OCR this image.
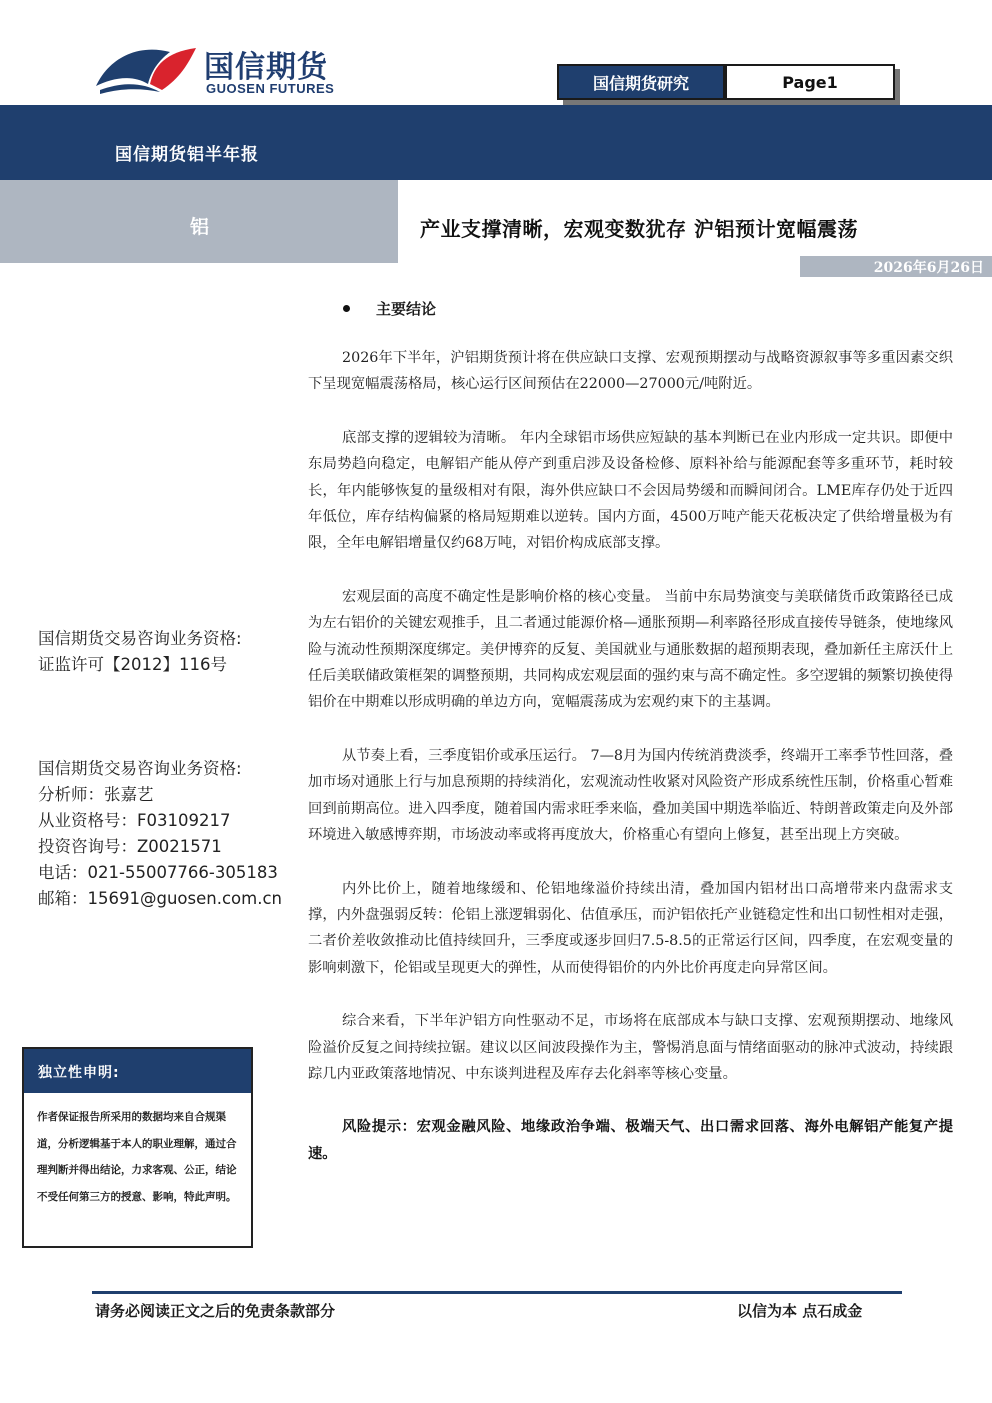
国信期货
GUOSEN FUTURES	国信期货研究	Page1
国信期货铝半年报
铝	产业支撑清晰，宏观变数犹存 沪铝预计宽幅震荡
2026年6月26日
主要结论

2026年下半年，沪铝期货预计将在供应缺口支撑、宏观预期摆动与战略资源叙事等多重因素交织下呈现宽幅震荡格局，核心运行区间预估在22000—27000元/吨附近。

底部支撑的逻辑较为清晰。 年内全球铝市场供应短缺的基本判断已在业内形成一定共识。即便中东局势趋向稳定，电解铝产能从停产到重启涉及设备检修、原料补给与能源配套等多重环节，耗时较长，年内能够恢复的量级相对有限，海外供应缺口不会因局势缓和而瞬间闭合。LME库存仍处于近四年低位，库存结构偏紧的格局短期难以逆转。国内方面，4500万吨产能天花板决定了供给增量极为有限，全年电解铝增量仅约68万吨，对铝价构成底部支撑。

宏观层面的高度不确定性是影响价格的核心变量。 当前中东局势演变与美联储货币政策路径已成为左右铝价的关键宏观推手，且二者通过能源价格—通胀预期—利率路径形成直接传导链条，使地缘风险与流动性预期深度绑定。美伊博弈的反复、美国就业与通胀数据的超预期表现，叠加新任主席沃什上任后美联储政策框架的调整预期，共同构成宏观层面的强约束与高不确定性。多空逻辑的频繁切换使得铝价在中期难以形成明确的单边方向，宽幅震荡成为宏观约束下的主基调。

从节奏上看，三季度铝价或承压运行。 7—8月为国内传统消费淡季，终端开工率季节性回落，叠加市场对通胀上行与加息预期的持续消化，宏观流动性收紧对风险资产形成系统性压制，价格重心暂难回到前期高位。进入四季度，随着国内需求旺季来临，叠加美国中期选举临近、特朗普政策走向及外部环境进入敏感博弈期，市场波动率或将再度放大，价格重心有望向上修复，甚至出现上方突破。

内外比价上，随着地缘缓和、伦铝地缘溢价持续出清，叠加国内铝材出口高增带来内盘需求支撑，内外盘强弱反转：伦铝上涨逻辑弱化、估值承压，而沪铝依托产业链稳定性和出口韧性相对走强，二者价差收敛推动比值持续回升，三季度或逐步回归7.5-8.5的正常运行区间，四季度，在宏观变量的影响刺激下，伦铝或呈现更大的弹性，从而使得铝价的内外比价再度走向异常区间。

综合来看，下半年沪铝方向性驱动不足，市场将在底部成本与缺口支撑、宏观预期摆动、地缘风险溢价反复之间持续拉锯。建议以区间波段操作为主，警惕消息面与情绪面驱动的脉冲式波动，持续跟踪几内亚政策落地情况、中东谈判进程及库存去化斜率等核心变量。

风险提示：宏观金融风险、地缘政治争端、极端天气、出口需求回落、海外电解铝产能复产提速。

国信期货交易咨询业务资格:
证监许可【2012】116号
国信期货交易咨询业务资格:
分析师：张嘉艺
从业资格号：F03109217
投资咨询号：Z0021571
电话：021-55007766-305183
邮箱：15691@guosen.com.cn
独立性申明:
作者保证报告所采用的数据均来自合规渠道，分析逻辑基于本人的职业理解，通过合理判断并得出结论，力求客观、公正，结论不受任何第三方的授意、影响，特此声明。
请务必阅读正文之后的免责条款部分	以信为本 点石成金
